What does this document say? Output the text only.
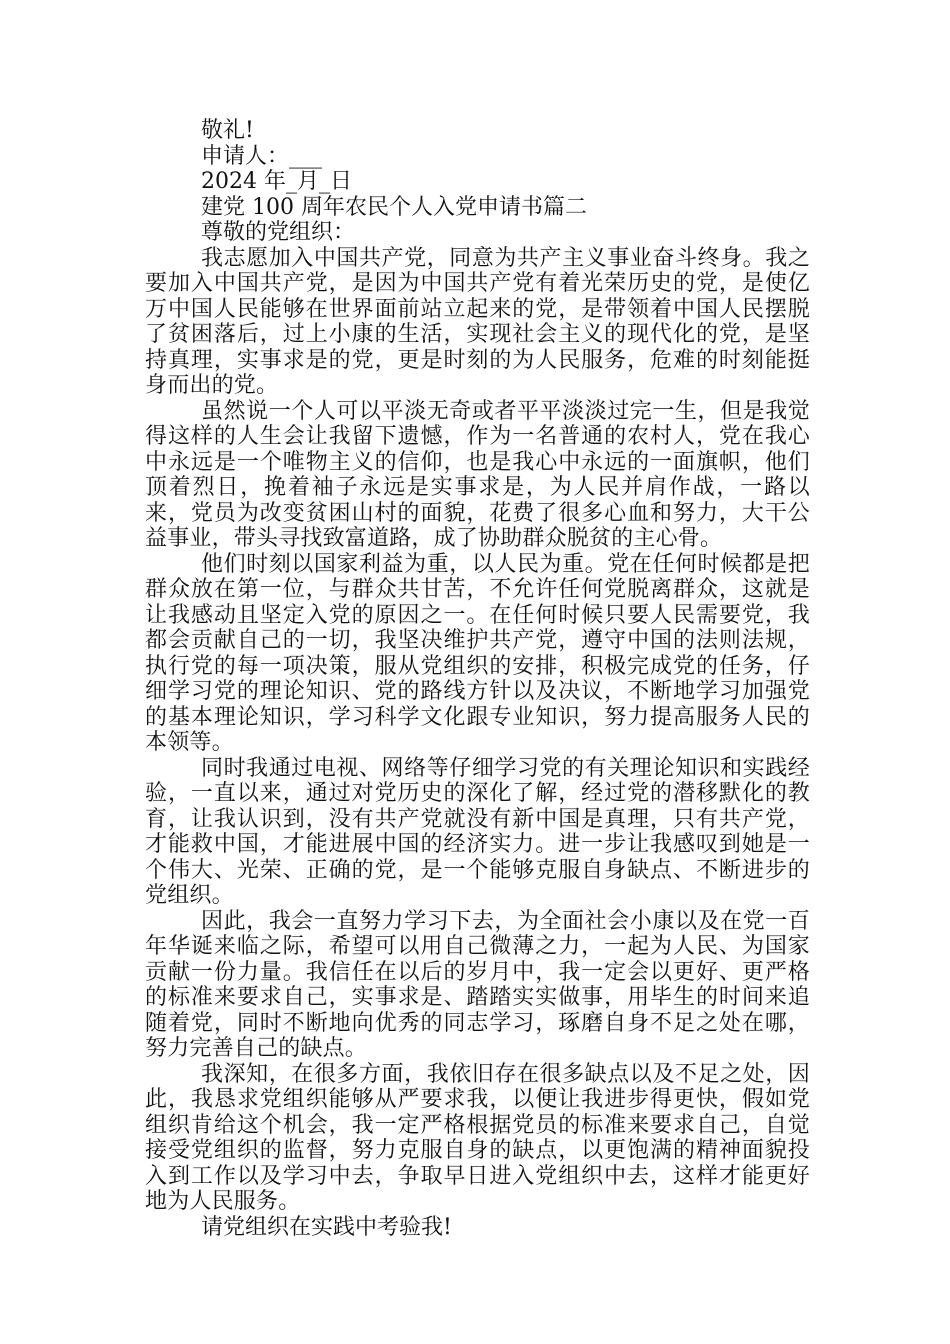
敬礼!

申请人：___

2024 年_月_日

建党 100 周年农民个人入党申请书篇二

尊敬的党组织：

我志愿加入中国共产党，同意为共产主义事业奋斗终身。我之要加入中国共产党，是因为中国共产党有着光荣历史的党，是使亿万中国人民能够在世界面前站立起来的党，是带领着中国人民摆脱了贫困落后，过上小康的生活，实现社会主义的现代化的党，是坚持真理，实事求是的党，更是时刻的为人民服务，危难的时刻能挺身而出的党。

虽然说一个人可以平淡无奇或者平平淡淡过完一生，但是我觉得这样的人生会让我留下遗憾，作为一名普通的农村人，党在我心中永远是一个唯物主义的信仰，也是我心中永远的一面旗帜，他们顶着烈日，挽着袖子永远是实事求是，为人民并肩作战，一路以来，党员为改变贫困山村的面貌，花费了很多心血和努力，大干公益事业，带头寻找致富道路，成了协助群众脱贫的主心骨。

他们时刻以国家利益为重，以人民为重。党在任何时候都是把群众放在第一位，与群众共甘苦，不允许任何党脱离群众，这就是让我感动且坚定入党的原因之一。在任何时候只要人民需要党，我都会贡献自己的一切，我坚决维护共产党，遵守中国的法则法规，执行党的每一项决策，服从党组织的安排，积极完成党的任务，仔细学习党的理论知识、党的路线方针以及决议，不断地学习加强党的基本理论知识，学习科学文化跟专业知识，努力提高服务人民的本领等。

同时我通过电视、网络等仔细学习党的有关理论知识和实践经验，一直以来，通过对党历史的深化了解，经过党的潜移默化的教育，让我认识到，没有共产党就没有新中国是真理，只有共产党，才能救中国，才能进展中国的经济实力。进一步让我感叹到她是一个伟大、光荣、正确的党，是一个能够克服自身缺点、不断进步的党组织。

因此，我会一直努力学习下去，为全面社会小康以及在党一百年华诞来临之际，希望可以用自己微薄之力，一起为人民、为国家贡献一份力量。我信任在以后的岁月中，我一定会以更好、更严格的标准来要求自己，实事求是、踏踏实实做事，用毕生的时间来追随着党，同时不断地向优秀的同志学习，琢磨自身不足之处在哪，努力完善自己的缺点。

我深知，在很多方面，我依旧存在很多缺点以及不足之处，因此，我恳求党组织能够从严要求我，以便让我进步得更快，假如党组织肯给这个机会，我一定严格根据党员的标准来要求自己，自觉接受党组织的监督，努力克服自身的缺点，以更饱满的精神面貌投入到工作以及学习中去，争取早日进入党组织中去，这样才能更好地为人民服务。

请党组织在实践中考验我!
